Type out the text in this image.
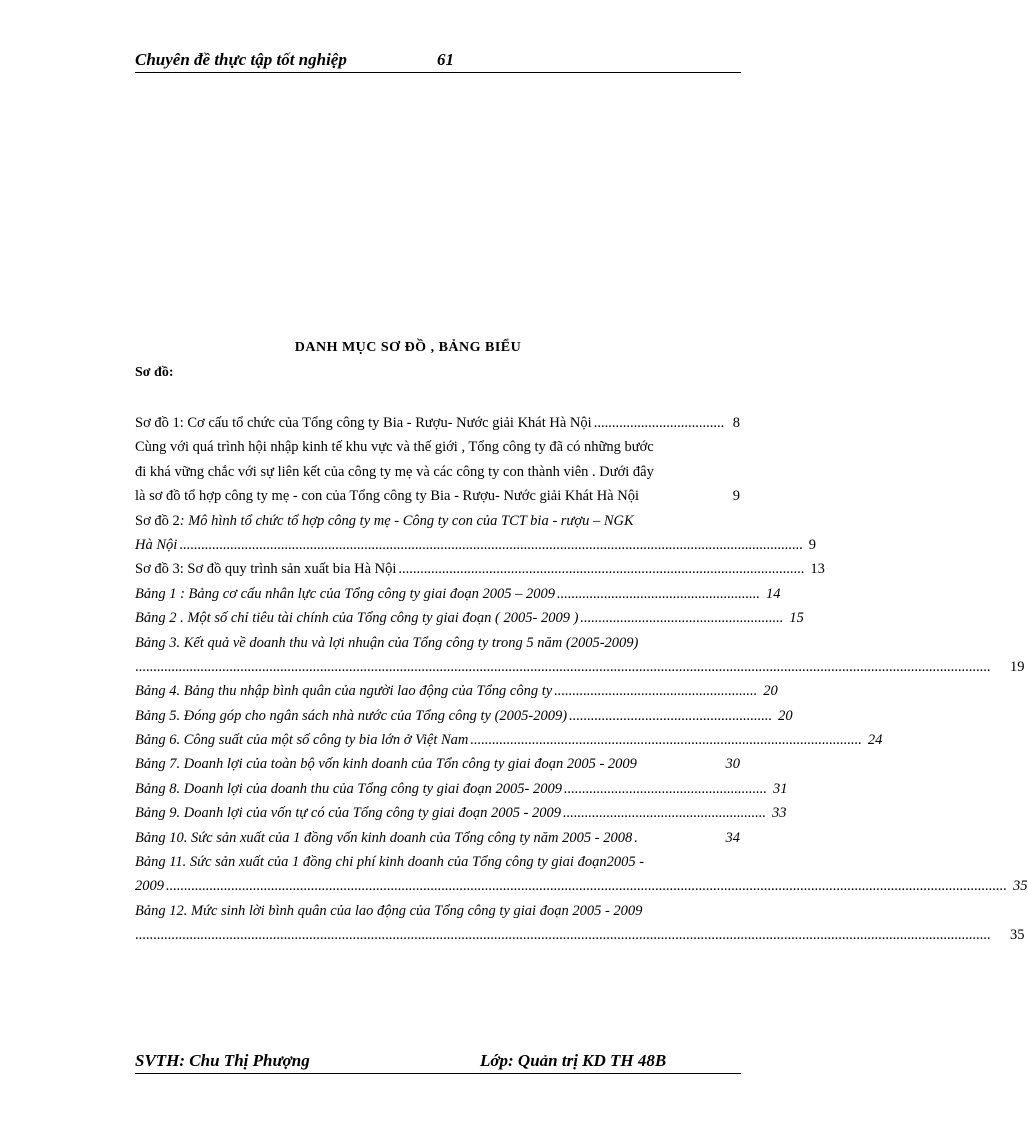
Chuyên đề thực tập tốt nghiệp	61
DANH MỤC SƠ ĐỒ , BẢNG BIỂU
Sơ đồ:
Sơ đồ 1: Cơ cấu tổ chức của Tổng công ty Bia - Rượu- Nước giải Khát Hà Nội .................................... 8
Cùng với quá trình hội nhập kinh tế khu vực và thế giới , Tổng công ty đã có những bước
đi khá vững chắc với sự liên kết của công ty mẹ và các công ty con thành viên . Dưới đây
là sơ đồ tổ hợp công ty mẹ - con của Tổng công ty Bia - Rượu- Nước giải Khát Hà Nội	9
Sơ đồ 2: Mô hình tổ chức tổ hợp công ty mẹ - Công ty con của TCT bia - rượu – NGK
Hà Nội ............................................................................................................................................................................ 9
Sơ đồ 3: Sơ đồ quy trình sản xuất bia Hà Nội ................................................................................................................ 13
Bảng 1 : Bảng cơ cấu nhân lực của Tổng công ty giai đoạn 2005 – 2009 ........................................................ 14
Bảng 2 . Một số chỉ tiêu tài chính của Tổng công ty giai đoạn ( 2005- 2009 ) ........................................................ 15
Bảng 3. Kết quả về doanh thu và lợi nhuận của Tổng công ty trong 5 năm (2005-2009)
............................................................................................................................................................................................................................................	19
Bảng 4. Bảng thu nhập bình quân của người lao động của Tổng công ty ........................................................ 20
Bảng 5. Đóng góp cho ngân sách nhà nước của Tổng công ty (2005-2009) ........................................................ 20
Bảng 6. Công suất của một số công ty bia lớn ở Việt Nam ............................................................................................................ 24
Bảng 7. Doanh lợi của toàn bộ vốn kinh doanh của Tổn công ty giai đoạn 2005 - 2009	30
Bảng 8. Doanh lợi của doanh thu của Tổng công ty giai đoạn 2005- 2009 ........................................................ 31
Bảng 9. Doanh lợi của vốn tự có của Tổng công ty giai đoạn 2005 - 2009 ........................................................ 33
Bảng 10. Sức sản xuất của 1 đồng vốn kinh doanh của Tổng công ty năm 2005 - 2008 .	34
Bảng 11. Sức sản xuất của 1 đồng chi phí kinh doanh của Tổng công ty giai đoạn2005 -
2009 ........................................................................................................................................................................................................................................ 35
Bảng 12. Mức sinh lời bình quân của lao động của Tổng công ty giai đoạn 2005 - 2009
............................................................................................................................................................................................................................................	35
SVTH: Chu Thị Phượng	Lớp: Quản trị KD TH 48B
